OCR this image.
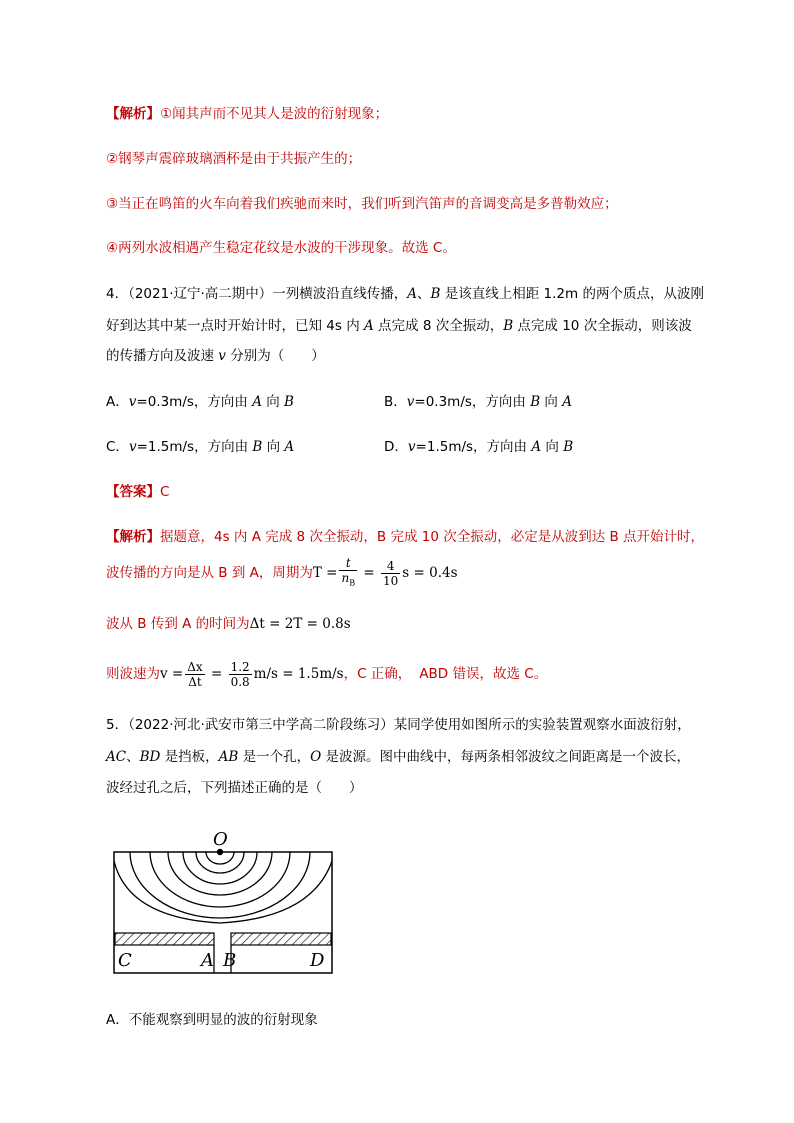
【解析】①闻其声而不见其人是波的衍射现象；
②钢琴声震碎玻璃酒杯是由于共振产生的；
③当正在鸣笛的火车向着我们疾驰而来时，我们听到汽笛声的音调变高是多普勒效应；
④两列水波相遇产生稳定花纹是水波的干涉现象。故选 C。
4．（2021·辽宁·高二期中）一列横波沿直线传播，A、B 是该直线上相距 1.2m 的两个质点，从波刚
好到达其中某一点时开始计时，已知 4s 内 A 点完成 8 次全振动，B 点完成 10 次全振动，则该波
的传播方向及波速 v 分别为（　　）
A．v=0.3m/s，方向由 A 向 B	B．v=0.3m/s，方向由 B 向 A
C．v=1.5m/s，方向由 B 向 A	D．v=1.5m/s，方向由 A 向 B
【答案】C
【解析】据题意，4s 内 A 完成 8 次全振动，B 完成 10 次全振动，必定是从波到达 B 点开始计时，
波传播的方向是从 B 到 A，周期为$T = \frac{t}{n_B} = \frac{4}{10}$ s = 0.4s
波从 B 传到 A 的时间为Δt = 2T = 0.8s
则波速为$v = \frac{\Delta x}{\Delta t} = \frac{1.2}{0.8} m/s = 1.5m/s$，C 正确， ABD 错误，故选 C。
5．（2022·河北·武安市第三中学高二阶段练习）某同学使用如图所示的实验装置观察水面波衍射，
AC、BD 是挡板，AB 是一个孔，O 是波源。图中曲线中，每两条相邻波纹之间距离是一个波长，
波经过孔之后，下列描述正确的是（　　）
O
C	A B	D
A．不能观察到明显的波的衍射现象
